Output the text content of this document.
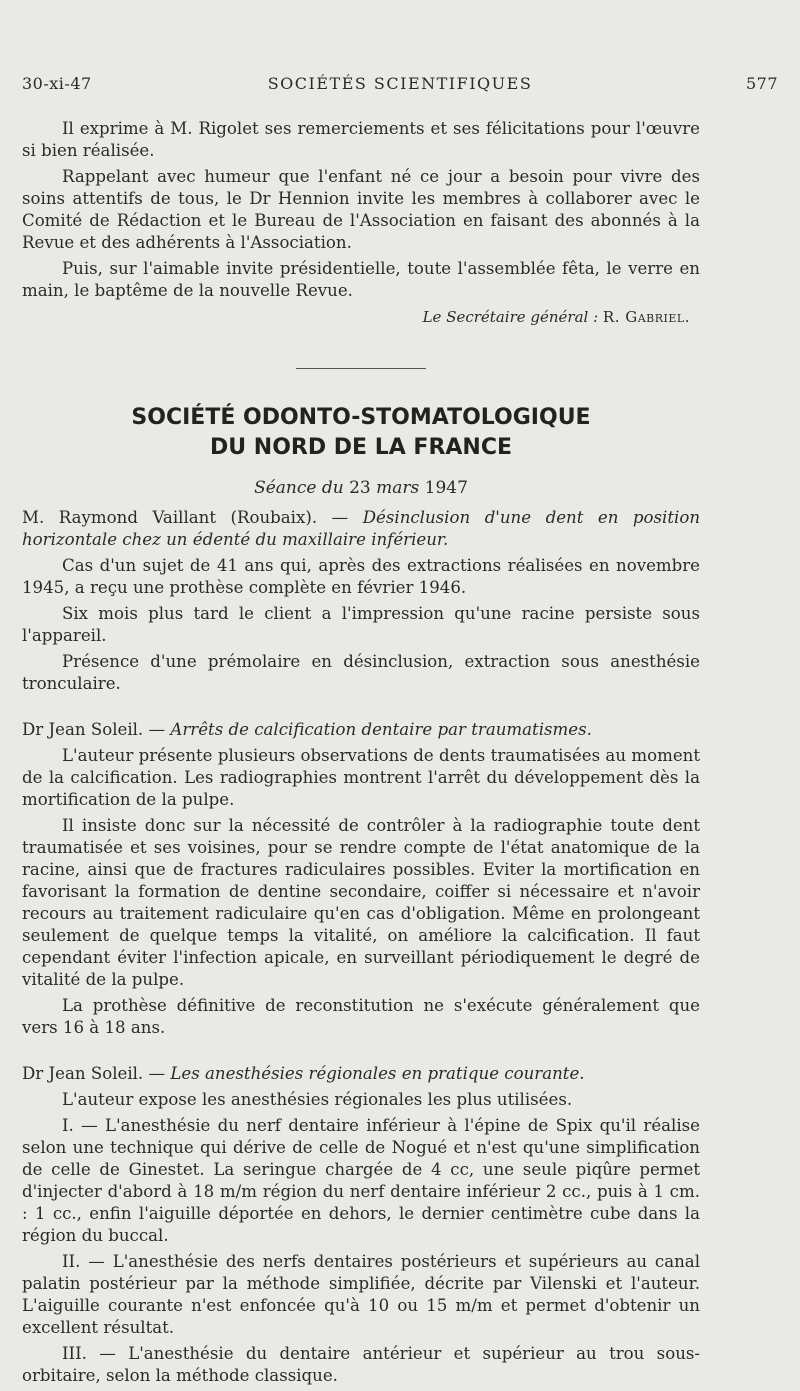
30-xi-47	SOCIÉTÉS SCIENTIFIQUES	577

Il exprime à M. Rigolet ses remerciements et ses félicitations pour l'œuvre si bien réalisée.

Rappelant avec humeur que l'enfant né ce jour a besoin pour vivre des soins attentifs de tous, le Dr Hennion invite les membres à collaborer avec le Comité de Rédaction et le Bureau de l'Association en faisant des abonnés à la Revue et des adhérents à l'Association.

Puis, sur l'aimable invite présidentielle, toute l'assemblée fêta, le verre en main, le baptême de la nouvelle Revue.

Le Secrétaire général : R. Gabriel.
SOCIÉTÉ ODONTO-STOMATOLOGIQUE
DU NORD DE LA FRANCE
Séance du 23 mars 1947

M. Raymond Vaillant (Roubaix). — Désinclusion d'une dent en position horizontale chez un édenté du maxillaire inférieur.

Cas d'un sujet de 41 ans qui, après des extractions réalisées en novembre 1945, a reçu une prothèse complète en février 1946.

Six mois plus tard le client a l'impression qu'une racine persiste sous l'appareil.

Présence d'une prémolaire en désinclusion, extraction sous anesthésie tronculaire.

Dr Jean Soleil. — Arrêts de calcification dentaire par traumatismes.

L'auteur présente plusieurs observations de dents traumatisées au moment de la calcification. Les radiographies montrent l'arrêt du développement dès la mortification de la pulpe.

Il insiste donc sur la nécessité de contrôler à la radiographie toute dent traumatisée et ses voisines, pour se rendre compte de l'état anatomique de la racine, ainsi que de fractures radiculaires possibles. Eviter la mortification en favorisant la formation de dentine secondaire, coiffer si nécessaire et n'avoir recours au traitement radiculaire qu'en cas d'obligation. Même en prolongeant seulement de quelque temps la vitalité, on améliore la calcification. Il faut cependant éviter l'infection apicale, en surveillant périodiquement le degré de vitalité de la pulpe.

La prothèse définitive de reconstitution ne s'exécute généralement que vers 16 à 18 ans.

Dr Jean Soleil. — Les anesthésies régionales en pratique courante.

L'auteur expose les anesthésies régionales les plus utilisées.

I. — L'anesthésie du nerf dentaire inférieur à l'épine de Spix qu'il réalise selon une technique qui dérive de celle de Nogué et n'est qu'une simplification de celle de Ginestet. La seringue chargée de 4 cc, une seule piqûre permet d'injecter d'abord à 18 m/m région du nerf dentaire inférieur 2 cc., puis à 1 cm. : 1 cc., enfin l'aiguille déportée en dehors, le dernier centimètre cube dans la région du buccal.

II. — L'anesthésie des nerfs dentaires postérieurs et supérieurs au canal palatin postérieur par la méthode simplifiée, décrite par Vilenski et l'auteur. L'aiguille courante n'est enfoncée qu'à 10 ou 15 m/m et permet d'obtenir un excellent résultat.

III. — L'anesthésie du dentaire antérieur et supérieur au trou sous-orbitaire, selon la méthode classique.
